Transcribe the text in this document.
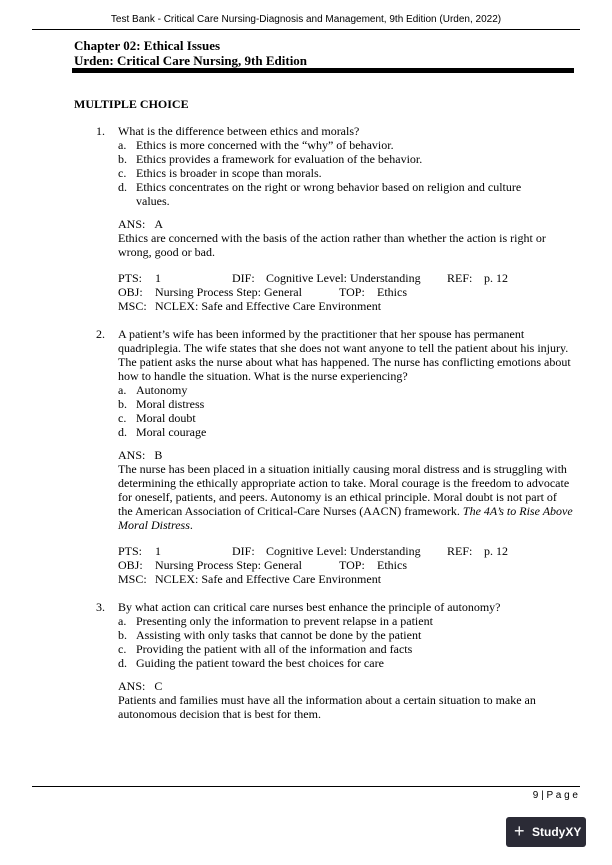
Test Bank - Critical Care Nursing-Diagnosis and Management, 9th Edition (Urden, 2022)
Chapter 02: Ethical Issues
Urden: Critical Care Nursing, 9th Edition
MULTIPLE CHOICE
1. What is the difference between ethics and morals?

a. Ethics is more concerned with the “why” of behavior.
b. Ethics provides a framework for evaluation of the behavior.
c. Ethics is broader in scope than morals.
d. Ethics concentrates on the right or wrong behavior based on religion and culture values.
ANS: A

Ethics are concerned with the basis of the action rather than whether the action is right or wrong, good or bad.

PTS: 1	DIF: Cognitive Level: Understanding REF: p. 12
OBJ: Nursing Process Step: General	TOP: Ethics
MSC: NCLEX: Safe and Effective Care Environment
2. A patient’s wife has been informed by the practitioner that her spouse has permanent quadriplegia. The wife states that she does not want anyone to tell the patient about his injury. The patient asks the nurse about what has happened. The nurse has conflicting emotions about how to handle the situation. What is the nurse experiencing?

a. Autonomy
b. Moral distress
c. Moral doubt
d. Moral courage
ANS: B

The nurse has been placed in a situation initially causing moral distress and is struggling with determining the ethically appropriate action to take. Moral courage is the freedom to advocate for oneself, patients, and peers. Autonomy is an ethical principle. Moral doubt is not part of the American Association of Critical-Care Nurses (AACN) framework. The 4A’s to Rise Above Moral Distress.

PTS: 1	DIF: Cognitive Level: Understanding REF: p. 12
OBJ: Nursing Process Step: General	TOP: Ethics
MSC: NCLEX: Safe and Effective Care Environment
3. By what action can critical care nurses best enhance the principle of autonomy?

a. Presenting only the information to prevent relapse in a patient
b. Assisting with only tasks that cannot be done by the patient
c. Providing the patient with all of the information and facts
d. Guiding the patient toward the best choices for care
ANS: C

Patients and families must have all the information about a certain situation to make an autonomous decision that is best for them.

9 | P a g e
+ StudyXY
